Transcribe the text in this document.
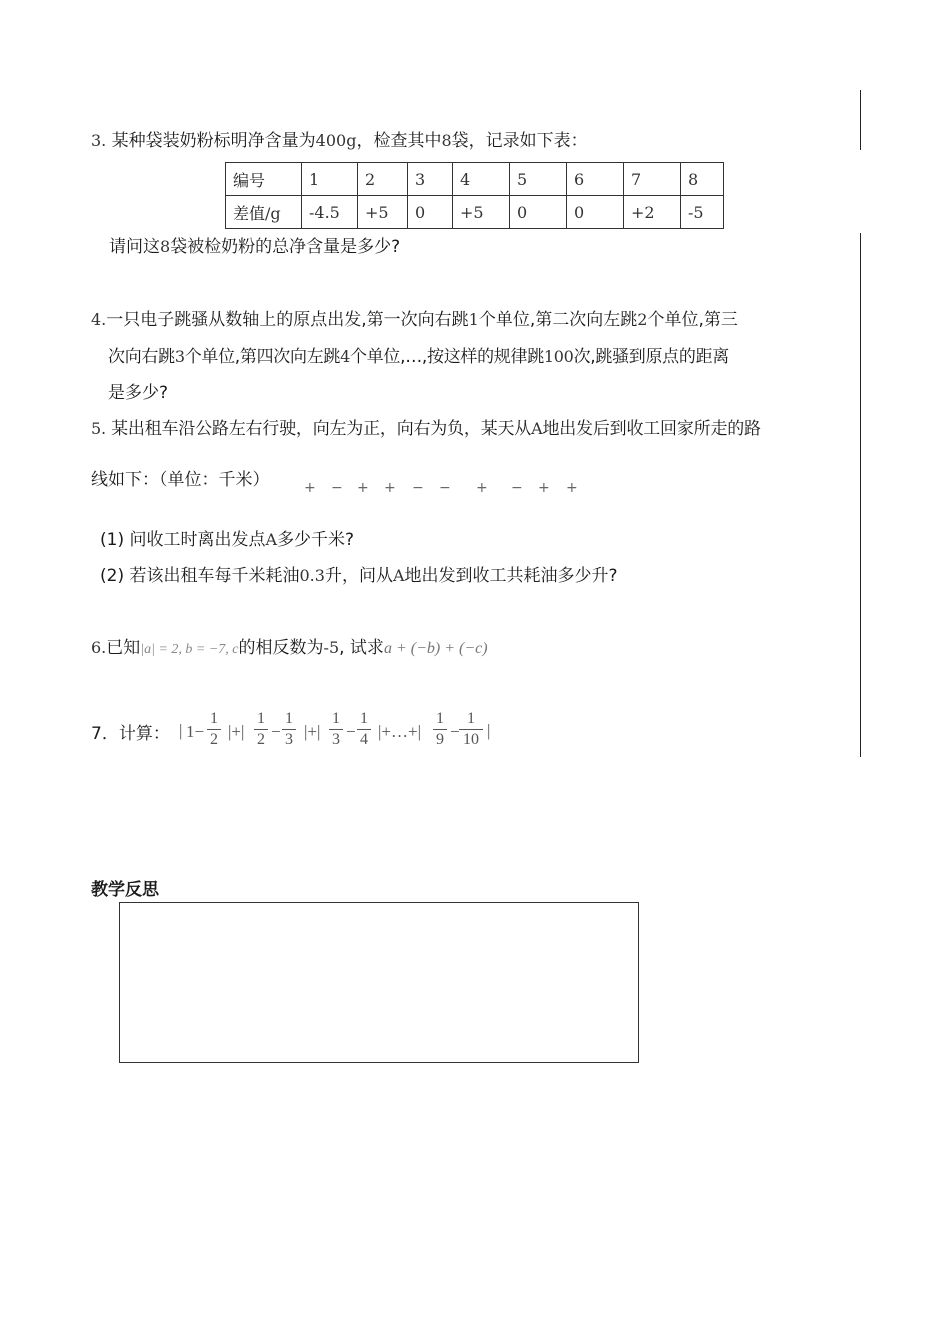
3. 某种袋装奶粉标明净含量为400g，检查其中8袋，记录如下表：
编号	1	2	3	4	5	6	7	8
差值/g	-4.5	+5	0	+5	0	0	+2	-5
请问这8袋被检奶粉的总净含量是多少?
4.一只电子跳骚从数轴上的原点出发,第一次向右跳1个单位,第二次向左跳2个单位,第三
次向右跳3个单位,第四次向左跳4个单位,…,按这样的规律跳100次,跳骚到原点的距离
是多少?
5. 某出租车沿公路左右行驶，向左为正，向右为负，某天从A地出发后到收工回家所走的路
线如下：（单位：千米） + − + + − − + − + +
(1) 问收工时离出发点A多少千米?
(2) 若该出租车每千米耗油0.3升，问从A地出发到收工共耗油多少升?
6.已知|a| = 2, b = −7, c的相反数为-5, 试求a + (−b) + (−c)
7．计算： | 1−
1
2 |+|
1
2 −
1
3 |+|
1
3 −
1
4 |+…+|
1
9 −
1
10 |
教学反思
